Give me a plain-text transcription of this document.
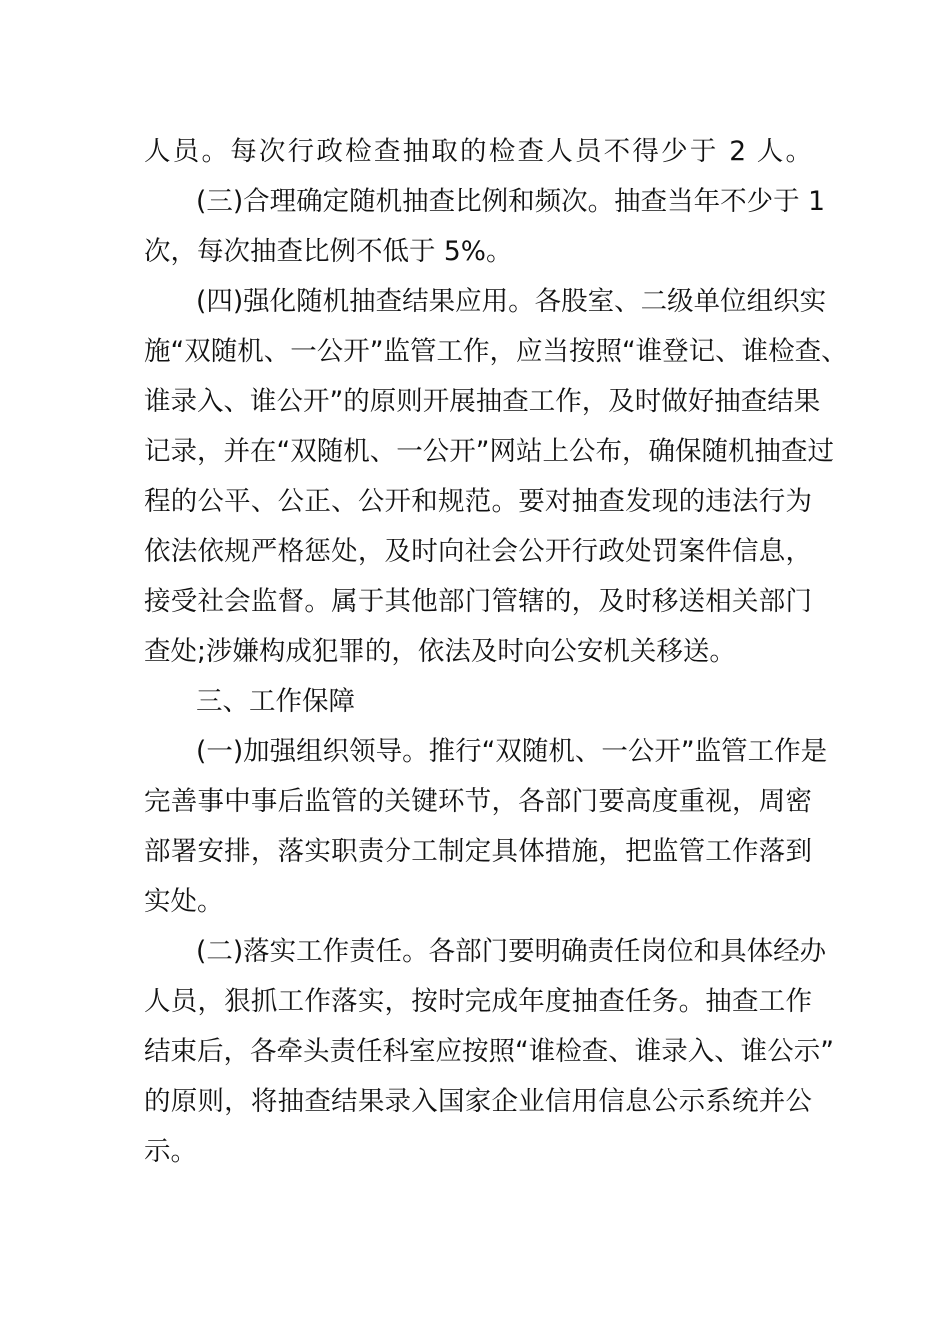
人员。每次行政检查抽取的检查人员不得少于 2 人。
(三)合理确定随机抽查比例和频次。抽查当年不少于 1
次，每次抽查比例不低于 5%。
(四)强化随机抽查结果应用。各股室、二级单位组织实
施“双随机、一公开”监管工作，应当按照“谁登记、谁检查、
谁录入、谁公开”的原则开展抽查工作，及时做好抽查结果
记录，并在“双随机、一公开”网站上公布，确保随机抽查过
程的公平、公正、公开和规范。要对抽查发现的违法行为
依法依规严格惩处，及时向社会公开行政处罚案件信息，
接受社会监督。属于其他部门管辖的，及时移送相关部门
查处;涉嫌构成犯罪的，依法及时向公安机关移送。
三、工作保障
(一)加强组织领导。推行“双随机、一公开”监管工作是
完善事中事后监管的关键环节，各部门要高度重视，周密
部署安排，落实职责分工制定具体措施，把监管工作落到
实处。
(二)落实工作责任。各部门要明确责任岗位和具体经办
人员，狠抓工作落实，按时完成年度抽查任务。抽查工作
结束后，各牵头责任科室应按照“谁检查、谁录入、谁公示”
的原则，将抽查结果录入国家企业信用信息公示系统并公
示。
